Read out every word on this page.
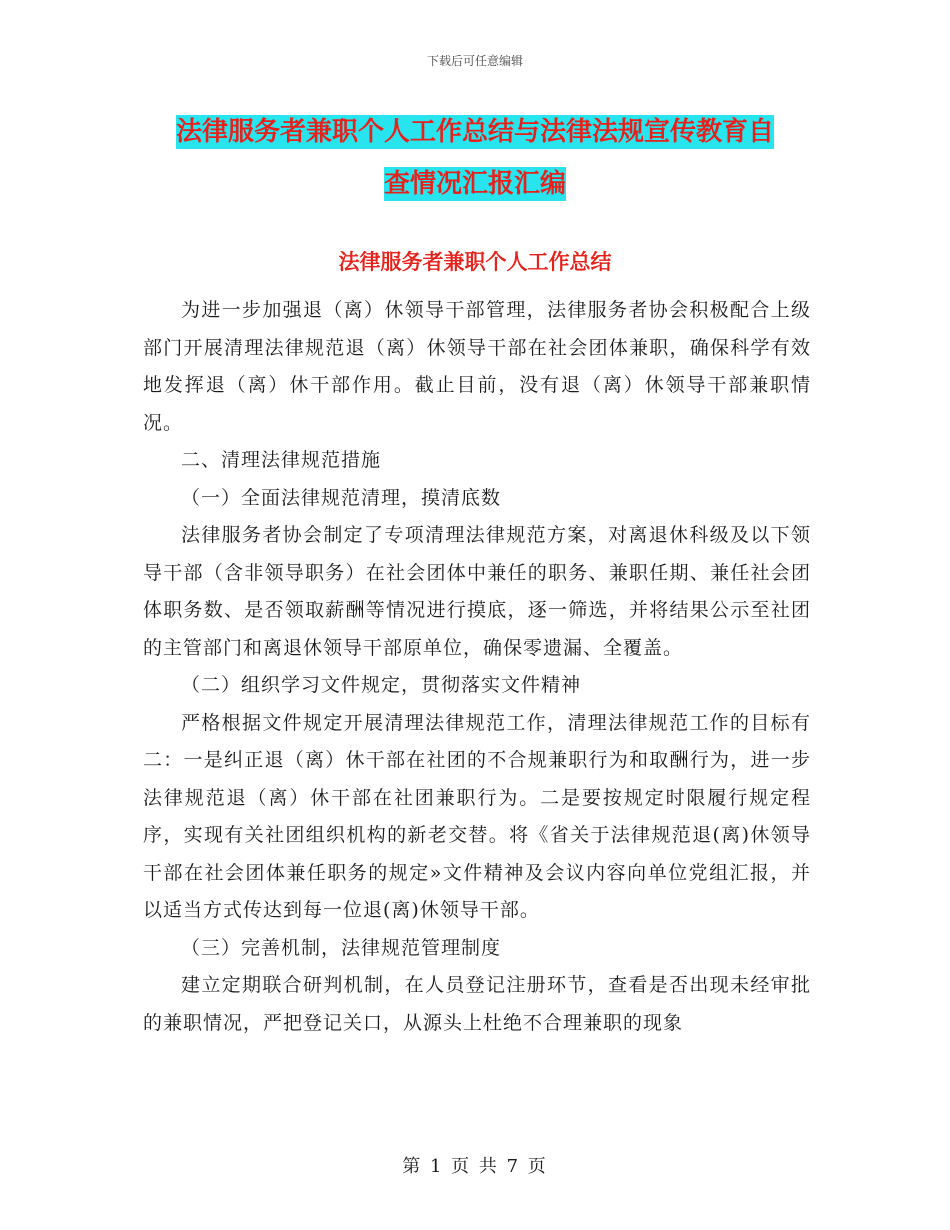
下载后可任意编辑
法律服务者兼职个人工作总结与法律法规宣传教育自
查情况汇报汇编
法律服务者兼职个人工作总结

为进一步加强退（离）休领导干部管理，法律服务者协会积极配合上级部门开展清理法律规范退（离）休领导干部在社会团体兼职，确保科学有效地发挥退（离）休干部作用。截止目前，没有退（离）休领导干部兼职情况。

二、清理法律规范措施

（一）全面法律规范清理，摸清底数

法律服务者协会制定了专项清理法律规范方案，对离退休科级及以下领导干部（含非领导职务）在社会团体中兼任的职务、兼职任期、兼任社会团体职务数、是否领取薪酬等情况进行摸底，逐一筛选，并将结果公示至社团的主管部门和离退休领导干部原单位，确保零遗漏、全覆盖。

（二）组织学习文件规定，贯彻落实文件精神

严格根据文件规定开展清理法律规范工作，清理法律规范工作的目标有二：一是纠正退（离）休干部在社团的不合规兼职行为和取酬行为，进一步法律规范退（离）休干部在社团兼职行为。二是要按规定时限履行规定程序，实现有关社团组织机构的新老交替。将《省关于法律规范退(离)休领导干部在社会团体兼任职务的规定»文件精神及会议内容向单位党组汇报，并以适当方式传达到每一位退(离)休领导干部。

（三）完善机制，法律规范管理制度

建立定期联合研判机制，在人员登记注册环节，查看是否出现未经审批的兼职情况，严把登记关口，从源头上杜绝不合理兼职的现象

第 1 页 共 7 页
